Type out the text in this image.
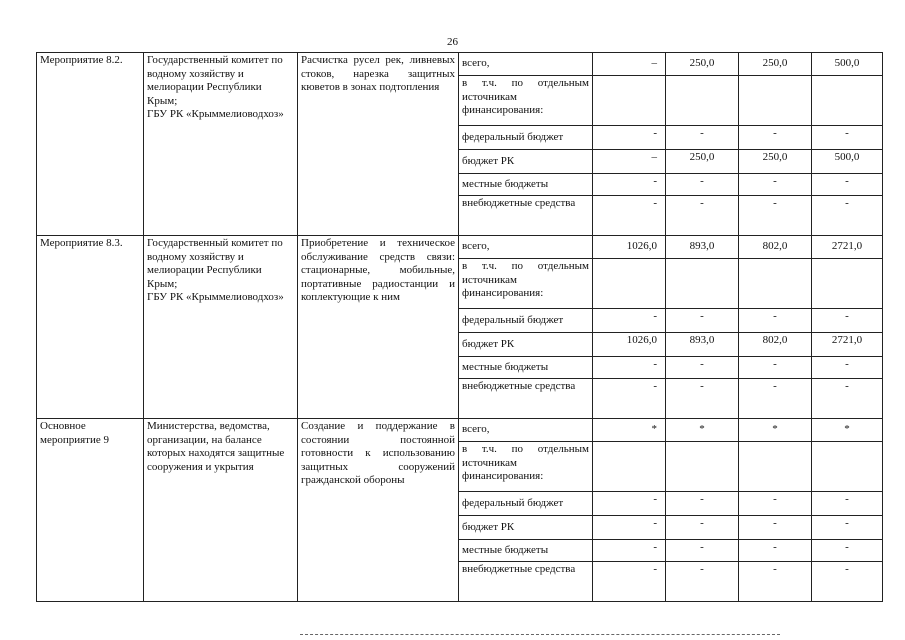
26
Мероприятие 8.2.	Государственный комитет по водному хозяйству и мелиорации Республики Крым;
ГБУ РК «Крыммелиоводхоз»	Расчистка русел рек, ливневых стоков, нарезка защитных кюветов в зонах подтопления	всего,	–	250,0	250,0	500,0
			в т.ч. по отдельным источникам финансирования:				
			федеральный бюджет	-	-	-	-
			бюджет РК	–	250,0	250,0	500,0
			местные бюджеты	-	-	-	-
			внебюджетные средства	-	-	-	-
Мероприятие 8.3.	Государственный комитет по водному хозяйству и мелиорации Республики Крым;
ГБУ РК «Крыммелиоводхоз»	Приобретение и техническое обслуживание средств связи: стационарные, мобильные, портативные радиостанции и коплектующие к ним	всего,	1026,0	893,0	802,0	2721,0
			в т.ч. по отдельным источникам финансирования:				
			федеральный бюджет	-	-	-	-
			бюджет РК	1026,0	893,0	802,0	2721,0
			местные бюджеты	-	-	-	-
			внебюджетные средства	-	-	-	-
Основное мероприятие 9	Министерства, ведомства, организации, на балансе которых находятся защитные сооружения и укрытия	Создание и поддержание в состоянии постоянной готовности к использованию защитных сооружений гражданской обороны	всего,	*	*	*	*
			в т.ч. по отдельным источникам финансирования:				
			федеральный бюджет	-	-	-	-
			бюджет РК	-	-	-	-
			местные бюджеты	-	-	-	-
			внебюджетные средства	-	-	-	-
